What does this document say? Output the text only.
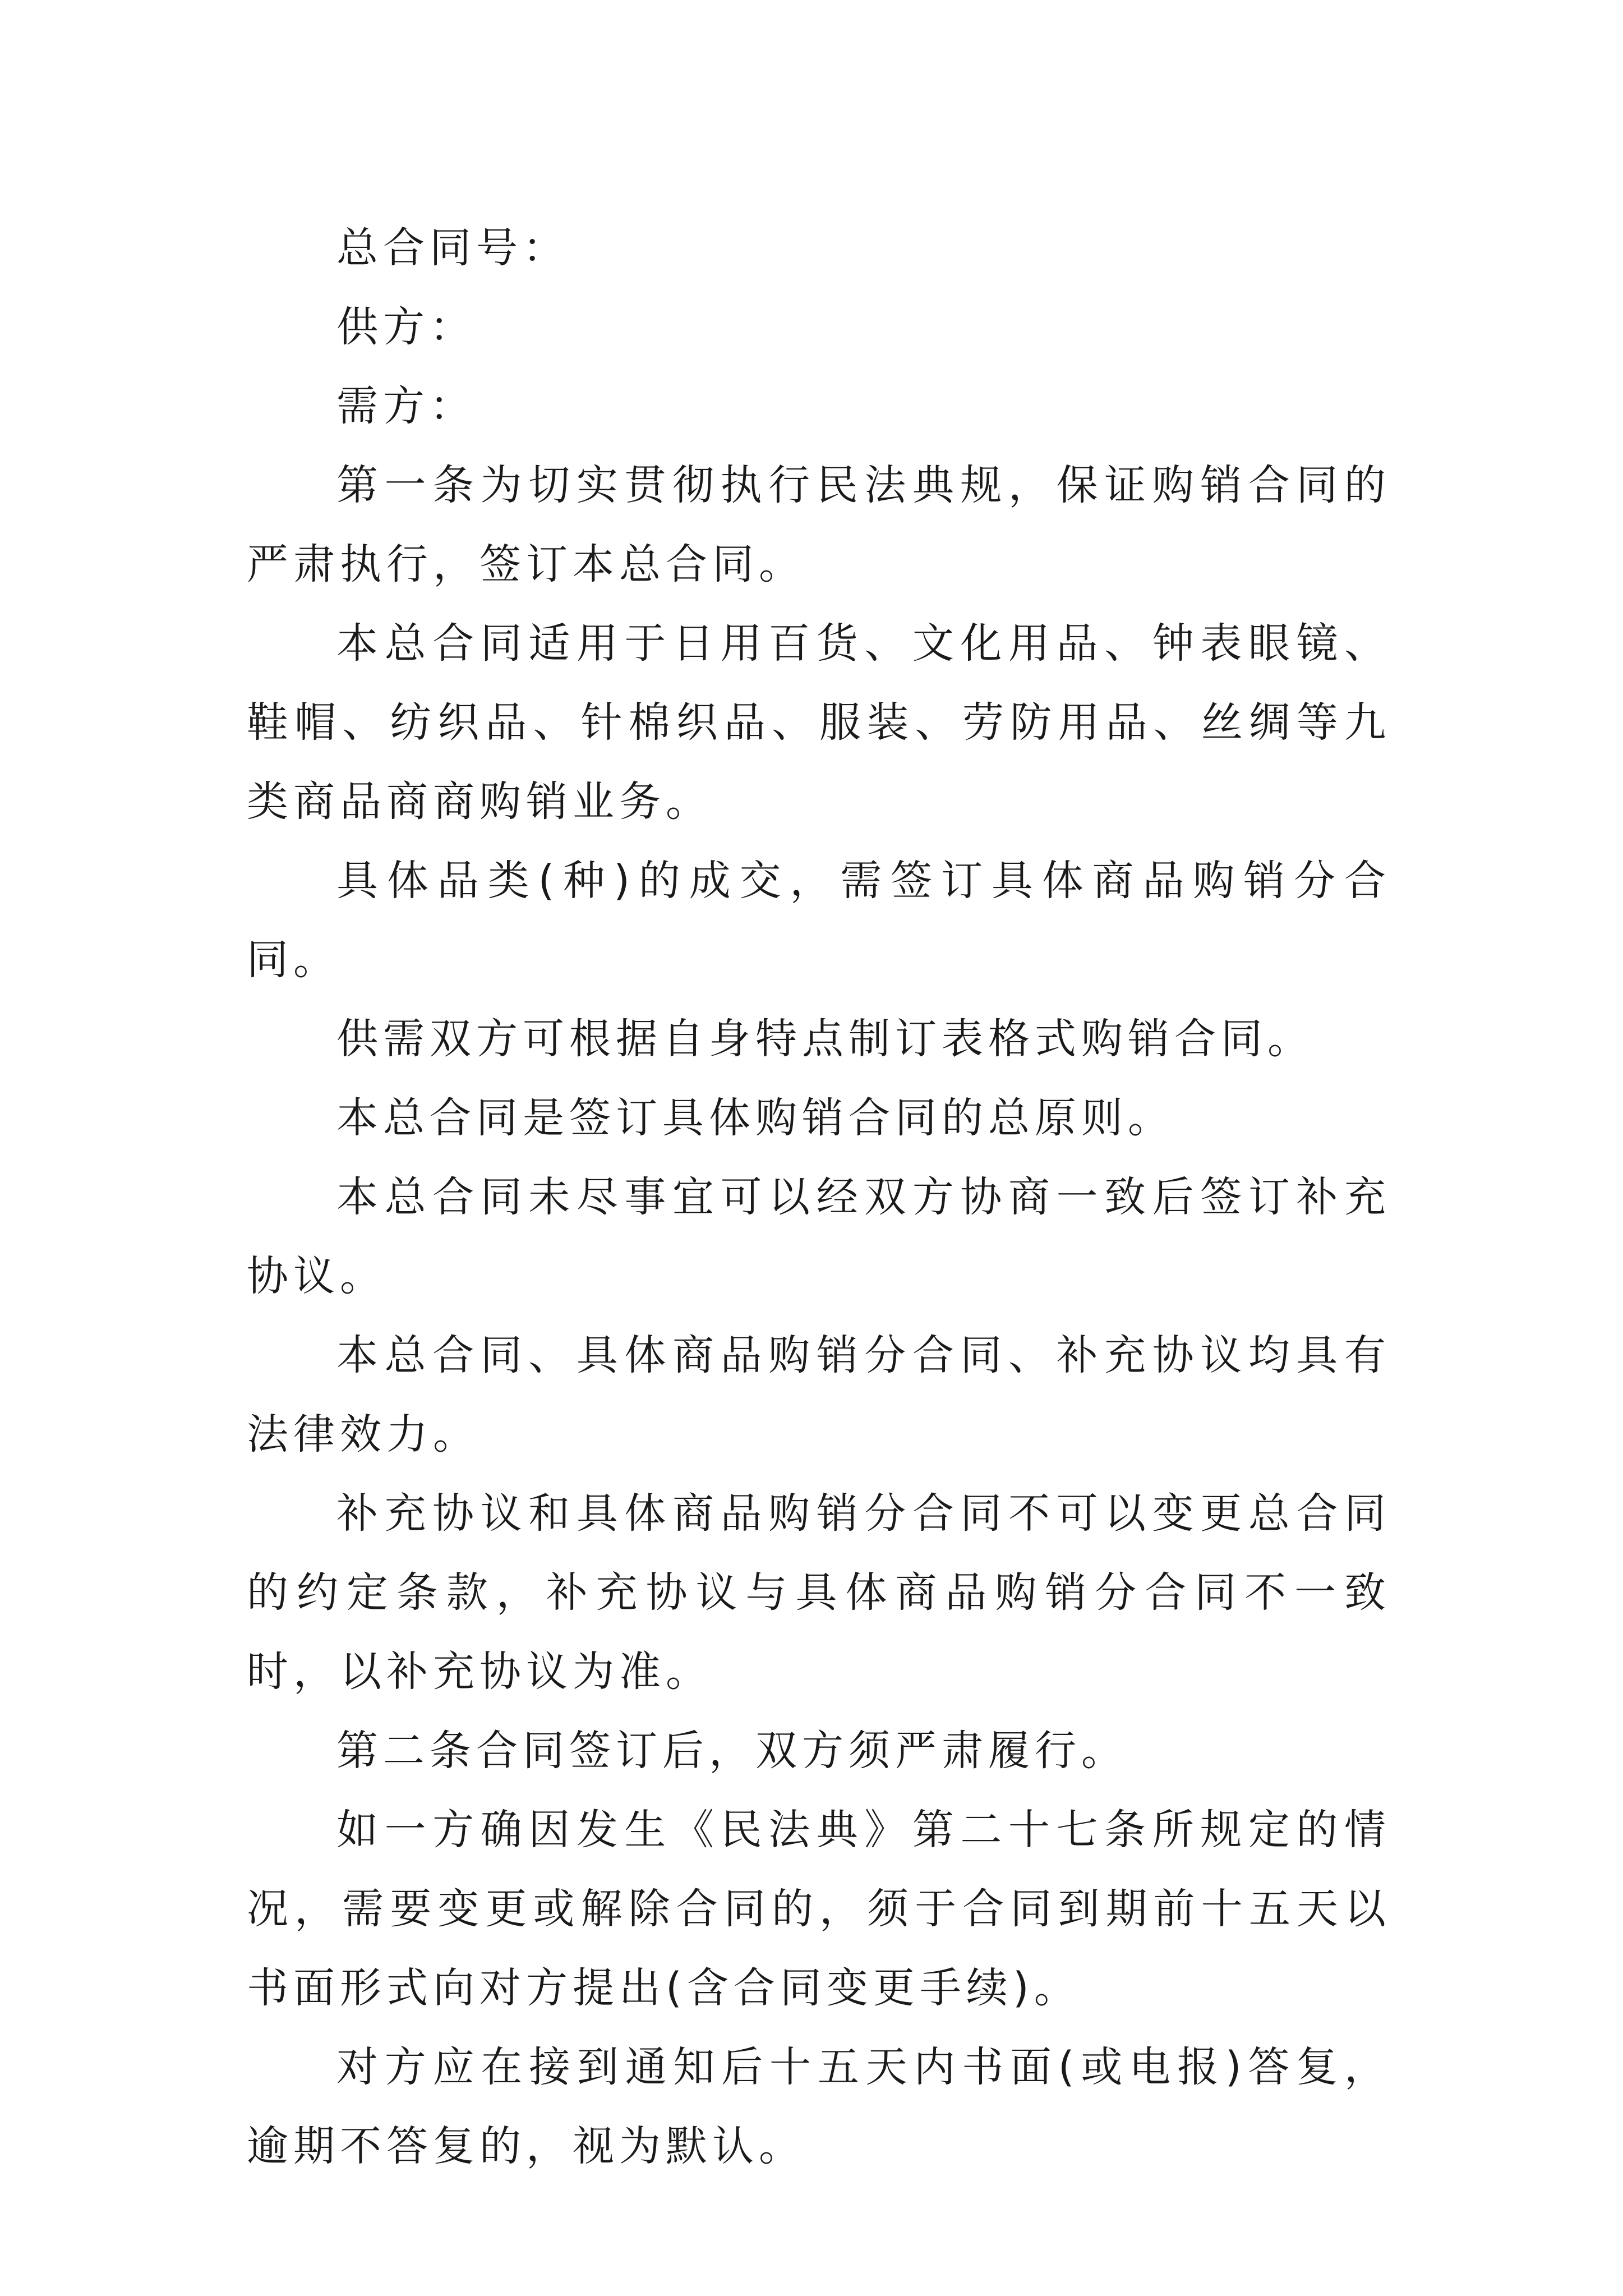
总合同号：

供方：

需方：

第一条为切实贯彻执行民法典规，保证购销合同的严肃执行，签订本总合同。

本总合同适用于日用百货、文化用品、钟表眼镜、鞋帽、纺织品、针棉织品、服装、劳防用品、丝绸等九类商品商商购销业务。

具体品类(种)的成交，需签订具体商品购销分合同。

供需双方可根据自身特点制订表格式购销合同。

本总合同是签订具体购销合同的总原则。

本总合同未尽事宜可以经双方协商一致后签订补充协议。

本总合同、具体商品购销分合同、补充协议均具有法律效力。

补充协议和具体商品购销分合同不可以变更总合同的约定条款，补充协议与具体商品购销分合同不一致时，以补充协议为准。

第二条合同签订后，双方须严肃履行。

如一方确因发生《民法典》第二十七条所规定的情况，需要变更或解除合同的，须于合同到期前十五天以书面形式向对方提出(含合同变更手续)。

对方应在接到通知后十五天内书面(或电报)答复，逾期不答复的，视为默认。
